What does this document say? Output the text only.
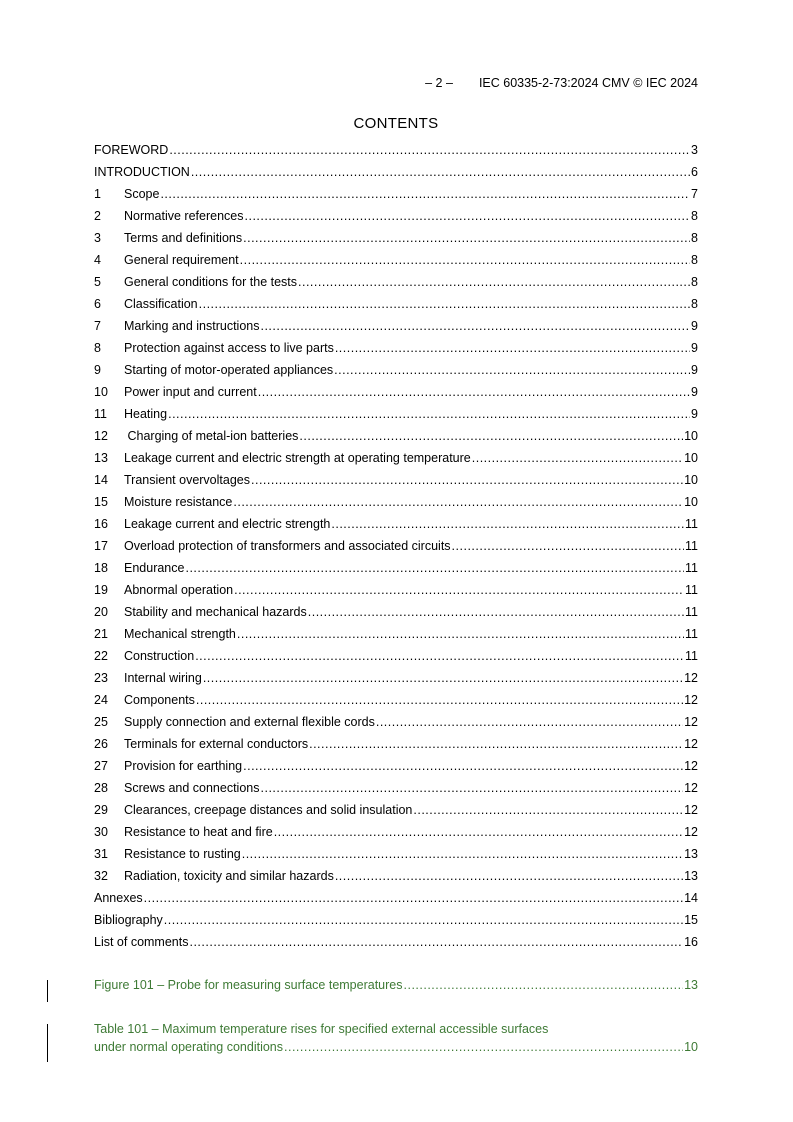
– 2 – IEC 60335-2-73:2024 CMV © IEC 2024
CONTENTS
FOREWORD .....	3
INTRODUCTION .....	6
1	Scope .....	7
2	Normative references .....	8
3	Terms and definitions .....	8
4	General requirement .....	8
5	General conditions for the tests .....	8
6	Classification .....	8
7	Marking and instructions .....	9
8	Protection against access to live parts .....	9
9	Starting of motor-operated appliances .....	9
10	Power input and current .....	9
11	Heating .....	9
12	Charging of metal-ion batteries .....	10
13	Leakage current and electric strength at operating temperature .....	10
14	Transient overvoltages .....	10
15	Moisture resistance .....	10
16	Leakage current and electric strength .....	11
17	Overload protection of transformers and associated circuits .....	11
18	Endurance .....	11
19	Abnormal operation .....	11
20	Stability and mechanical hazards .....	11
21	Mechanical strength .....	11
22	Construction .....	11
23	Internal wiring .....	12
24	Components .....	12
25	Supply connection and external flexible cords .....	12
26	Terminals for external conductors .....	12
27	Provision for earthing .....	12
28	Screws and connections .....	12
29	Clearances, creepage distances and solid insulation .....	12
30	Resistance to heat and fire .....	12
31	Resistance to rusting .....	13
32	Radiation, toxicity and similar hazards .....	13
Annexes .....	14
Bibliography .....	15
List of comments .....	16
Figure 101 – Probe for measuring surface temperatures .....	13
Table 101 – Maximum temperature rises for specified external accessible surfaces
under normal operating conditions .....	10
